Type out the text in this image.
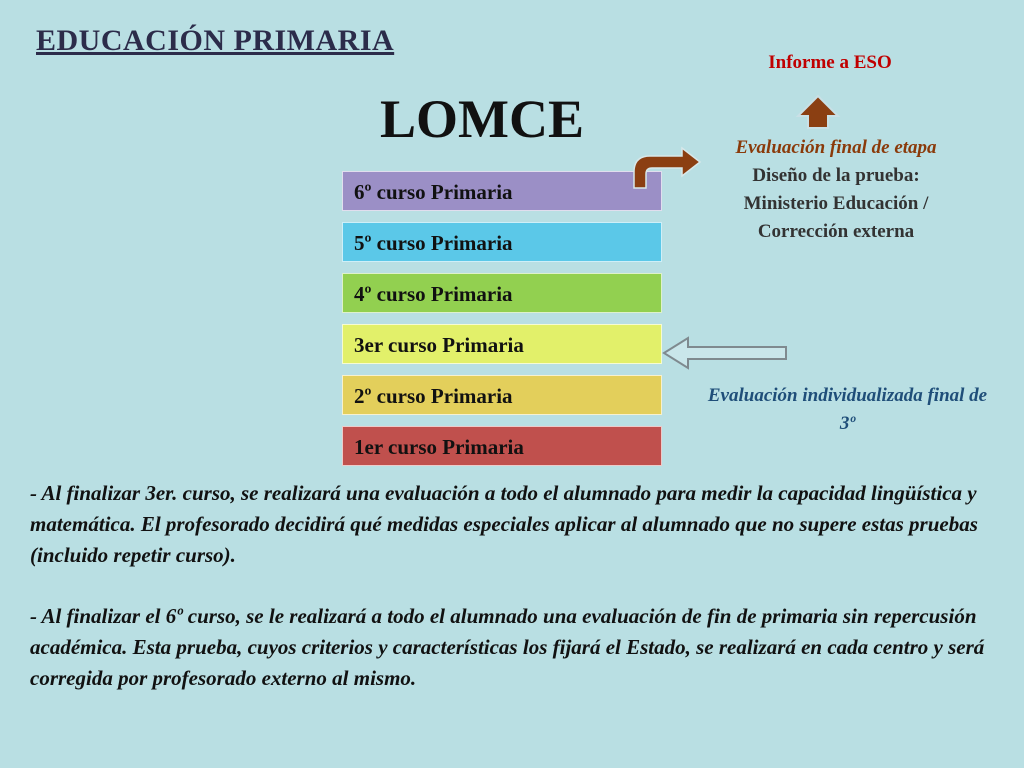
EDUCACIÓN PRIMARIA
LOMCE
Informe a ESO
6º curso Primaria
5º curso Primaria
4º curso Primaria
3er curso Primaria
2º curso Primaria
1er curso Primaria
Evaluación final de etapa
Diseño de la prueba:
Ministerio Educación /
Corrección externa
Evaluación individualizada final de 3º
- Al finalizar 3er. curso, se realizará una evaluación a todo el alumnado para medir la capacidad lingüística y matemática. El profesorado decidirá qué medidas especiales aplicar al alumnado que no supere estas pruebas (incluido repetir curso).
- Al finalizar el 6º curso, se le realizará a todo el alumnado una evaluación de fin de primaria sin repercusión académica. Esta prueba, cuyos criterios y características los fijará el Estado, se realizará en cada centro y será corregida por profesorado externo al mismo.
